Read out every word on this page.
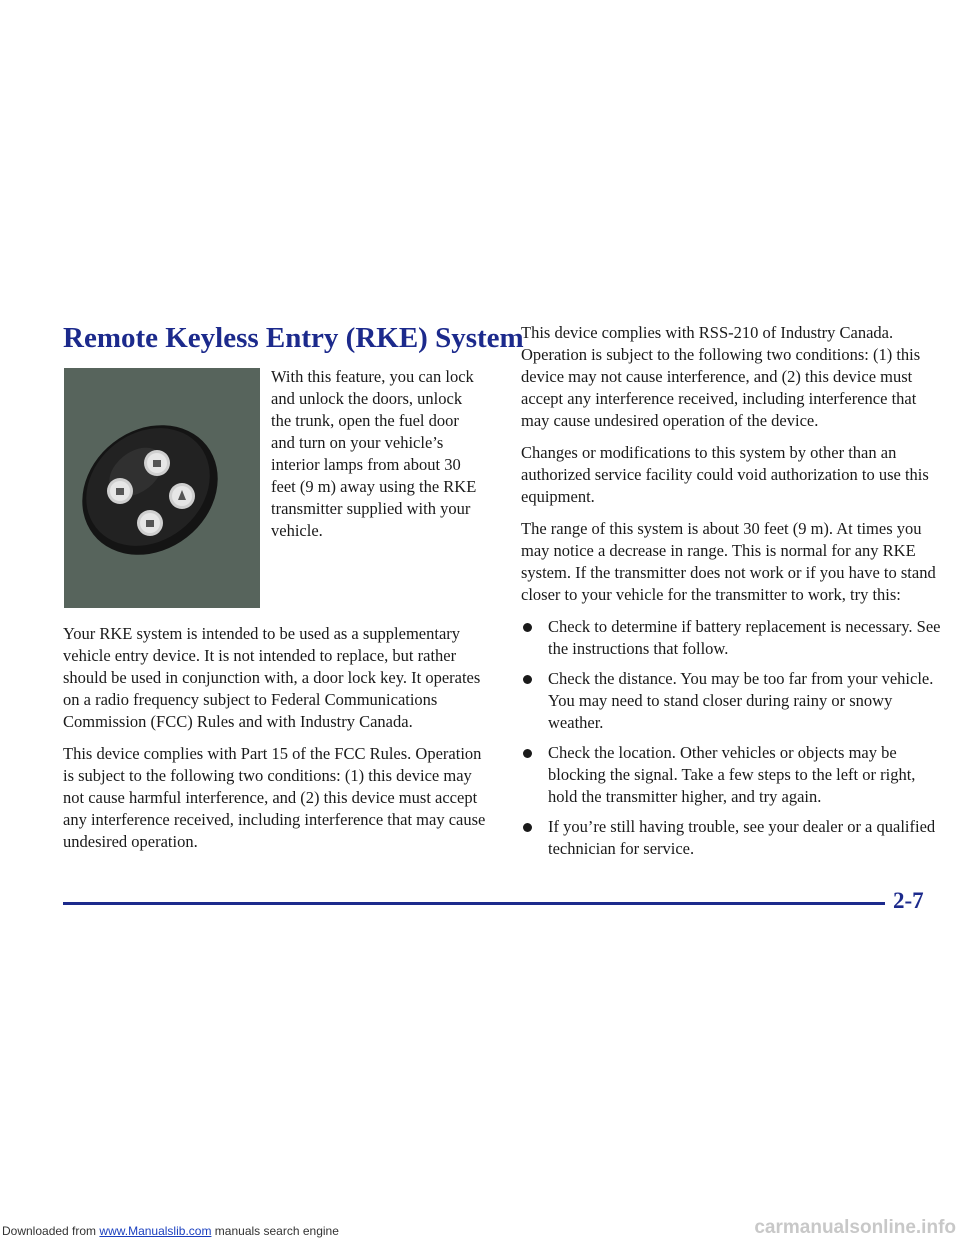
Remote Keyless Entry (RKE) System

With this feature, you can lock and unlock the doors, unlock the trunk, open the fuel door and turn on your vehicle’s interior lamps from about 30 feet (9 m) away using the RKE transmitter supplied with your vehicle.

Your RKE system is intended to be used as a supplementary vehicle entry device. It is not intended to replace, but rather should be used in conjunction with, a door lock key. It operates on a radio frequency subject to Federal Communications Commission (FCC) Rules and with Industry Canada.

This device complies with Part 15 of the FCC Rules. Operation is subject to the following two conditions: (1) this device may not cause harmful interference, and (2) this device must accept any interference received, including interference that may cause undesired operation.

This device complies with RSS-210 of Industry Canada. Operation is subject to the following two conditions: (1) this device may not cause interference, and (2) this device must accept any interference received, including interference that may cause undesired operation of the device.

Changes or modifications to this system by other than an authorized service facility could void authorization to use this equipment.

The range of this system is about 30 feet (9 m). At times you may notice a decrease in range. This is normal for any RKE system. If the transmitter does not work or if you have to stand closer to your vehicle for the transmitter to work, try this:

Check to determine if battery replacement is necessary. See the instructions that follow.
Check the distance. You may be too far from your vehicle. You may need to stand closer during rainy or snowy weather.
Check the location. Other vehicles or objects may be blocking the signal. Take a few steps to the left or right, hold the transmitter higher, and try again.
If you’re still having trouble, see your dealer or a qualified technician for service.

2-7

Downloaded from www.Manualslib.com manuals search engine	carmanualsonline.info
